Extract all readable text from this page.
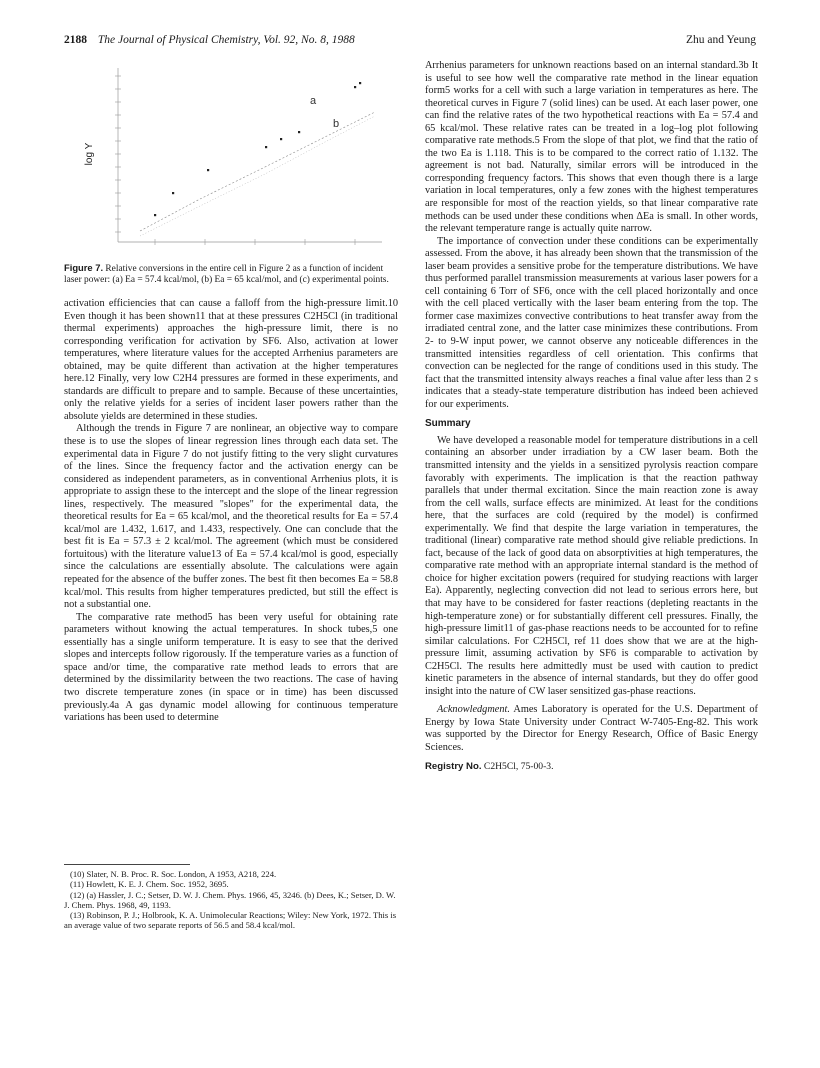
2188 The Journal of Physical Chemistry, Vol. 92, No. 8, 1988	Zhu and Yeung
a
b
log Y
Figure 7. Relative conversions in the entire cell in Figure 2 as a function of incident laser power: (a) Ea = 57.4 kcal/mol, (b) Ea = 65 kcal/mol, and (c) experimental points.

activation efficiencies that can cause a falloff from the high-pressure limit.10 Even though it has been shown11 that at these pressures C2H5Cl (in traditional thermal experiments) approaches the high-pressure limit, there is no corresponding verification for activation by SF6. Also, activation at lower temperatures, where literature values for the accepted Arrhenius parameters are obtained, may be quite different than activation at the higher temperatures here.12 Finally, very low C2H4 pressures are formed in these experiments, and standards are difficult to prepare and to sample. Because of these uncertainties, only the relative yields for a series of incident laser powers rather than the absolute yields are determined in these studies.

Although the trends in Figure 7 are nonlinear, an objective way to compare these is to use the slopes of linear regression lines through each data set. The experimental data in Figure 7 do not justify fitting to the very slight curvatures of the lines. Since the frequency factor and the activation energy can be considered as independent parameters, as in conventional Arrhenius plots, it is appropriate to assign these to the intercept and the slope of the linear regression lines, respectively. The measured "slopes" for the experimental data, the theoretical results for Ea = 65 kcal/mol, and the theoretical results for Ea = 57.4 kcal/mol are 1.432, 1.617, and 1.433, respectively. One can conclude that the best fit is Ea = 57.3 ± 2 kcal/mol. The agreement (which must be considered fortuitous) with the literature value13 of Ea = 57.4 kcal/mol is good, especially since the calculations are essentially absolute. The calculations were again repeated for the absence of the buffer zones. The best fit then becomes Ea = 58.8 kcal/mol. This results from higher temperatures predicted, but still the effect is not a substantial one.

The comparative rate method5 has been very useful for obtaining rate parameters without knowing the actual temperatures. In shock tubes,5 one essentially has a single uniform temperature. It is easy to see that the derived slopes and intercepts follow rigorously. If the temperature varies as a function of space and/or time, the comparative rate method leads to errors that are determined by the dissimilarity between the two reactions. The case of having two discrete temperature zones (in space or in time) has been discussed previously.4a A gas dynamic model allowing for continuous temperature variations has been used to determine

(10) Slater, N. B. Proc. R. Soc. London, A 1953, A218, 224.
(11) Howlett, K. E. J. Chem. Soc. 1952, 3695.
(12) (a) Hassler, J. C.; Setser, D. W. J. Chem. Phys. 1966, 45, 3246. (b) Dees, K.; Setser, D. W. J. Chem. Phys. 1968, 49, 1193.
(13) Robinson, P. J.; Holbrook, K. A. Unimolecular Reactions; Wiley: New York, 1972. This is an average value of two separate reports of 56.5 and 58.4 kcal/mol.

Arrhenius parameters for unknown reactions based on an internal standard.3b It is useful to see how well the comparative rate method in the linear equation form5 works for a cell with such a large variation in temperatures as here. The theoretical curves in Figure 7 (solid lines) can be used. At each laser power, one can find the relative rates of the two hypothetical reactions with Ea = 57.4 and 65 kcal/mol. These relative rates can be treated in a log–log plot following comparative rate methods.5 From the slope of that plot, we find that the ratio of the two Ea is 1.118. This is to be compared to the correct ratio of 1.132. The agreement is not bad. Naturally, similar errors will be introduced in the corresponding frequency factors. This shows that even though there is a large variation in local temperatures, only a few zones with the highest temperatures are responsible for most of the reaction yields, so that linear comparative rate methods can be used under these conditions when ΔEa is small. In other words, the relevant temperature range is actually quite narrow.

The importance of convection under these conditions can be experimentally assessed. From the above, it has already been shown that the transmission of the laser beam provides a sensitive probe for the temperature distributions. We have thus performed parallel transmission measurements at various laser powers for a cell containing 6 Torr of SF6, once with the cell placed horizontally and once with the cell placed vertically with the laser beam entering from the top. The former case maximizes convective contributions to heat transfer away from the irradiated central zone, and the latter case minimizes these contributions. From 2- to 9-W input power, we cannot observe any noticeable differences in the transmitted intensities regardless of cell orientation. This confirms that convection can be neglected for the range of conditions used in this study. The fact that the transmitted intensity always reaches a final value after less than 2 s indicates that a steady-state temperature distribution has indeed been achieved for our experiments.

Summary

We have developed a reasonable model for temperature distributions in a cell containing an absorber under irradiation by a CW laser beam. Both the transmitted intensity and the yields in a sensitized pyrolysis reaction compare favorably with experiments. The implication is that the reaction pathway parallels that under thermal excitation. Since the main reaction zone is away from the cell walls, surface effects are minimized. At least for the conditions here, that the surfaces are cold (required by the model) is confirmed experimentally. We find that despite the large variation in temperatures, the traditional (linear) comparative rate method should give reliable predictions. In fact, because of the lack of good data on absorptivities at high temperatures, the comparative rate method with an appropriate internal standard is the method of choice for higher excitation powers (required for studying reactions with larger Ea). Apparently, neglecting convection did not lead to serious errors here, but that may have to be considered for faster reactions (depleting reactants in the high-temperature zone) or for substantially different cell pressures. Finally, the high-pressure limit11 of gas-phase reactions needs to be accounted for to refine similar calculations. For C2H5Cl, ref 11 does show that we are at the high-pressure limit, assuming activation by SF6 is comparable to activation by C2H5Cl. The results here admittedly must be used with caution to predict kinetic parameters in the absence of internal standards, but they do offer good insight into the nature of CW laser sensitized gas-phase reactions.

Acknowledgment. Ames Laboratory is operated for the U.S. Department of Energy by Iowa State University under Contract W-7405-Eng-82. This work was supported by the Director for Energy Research, Office of Basic Energy Sciences.

Registry No. C2H5Cl, 75-00-3.
